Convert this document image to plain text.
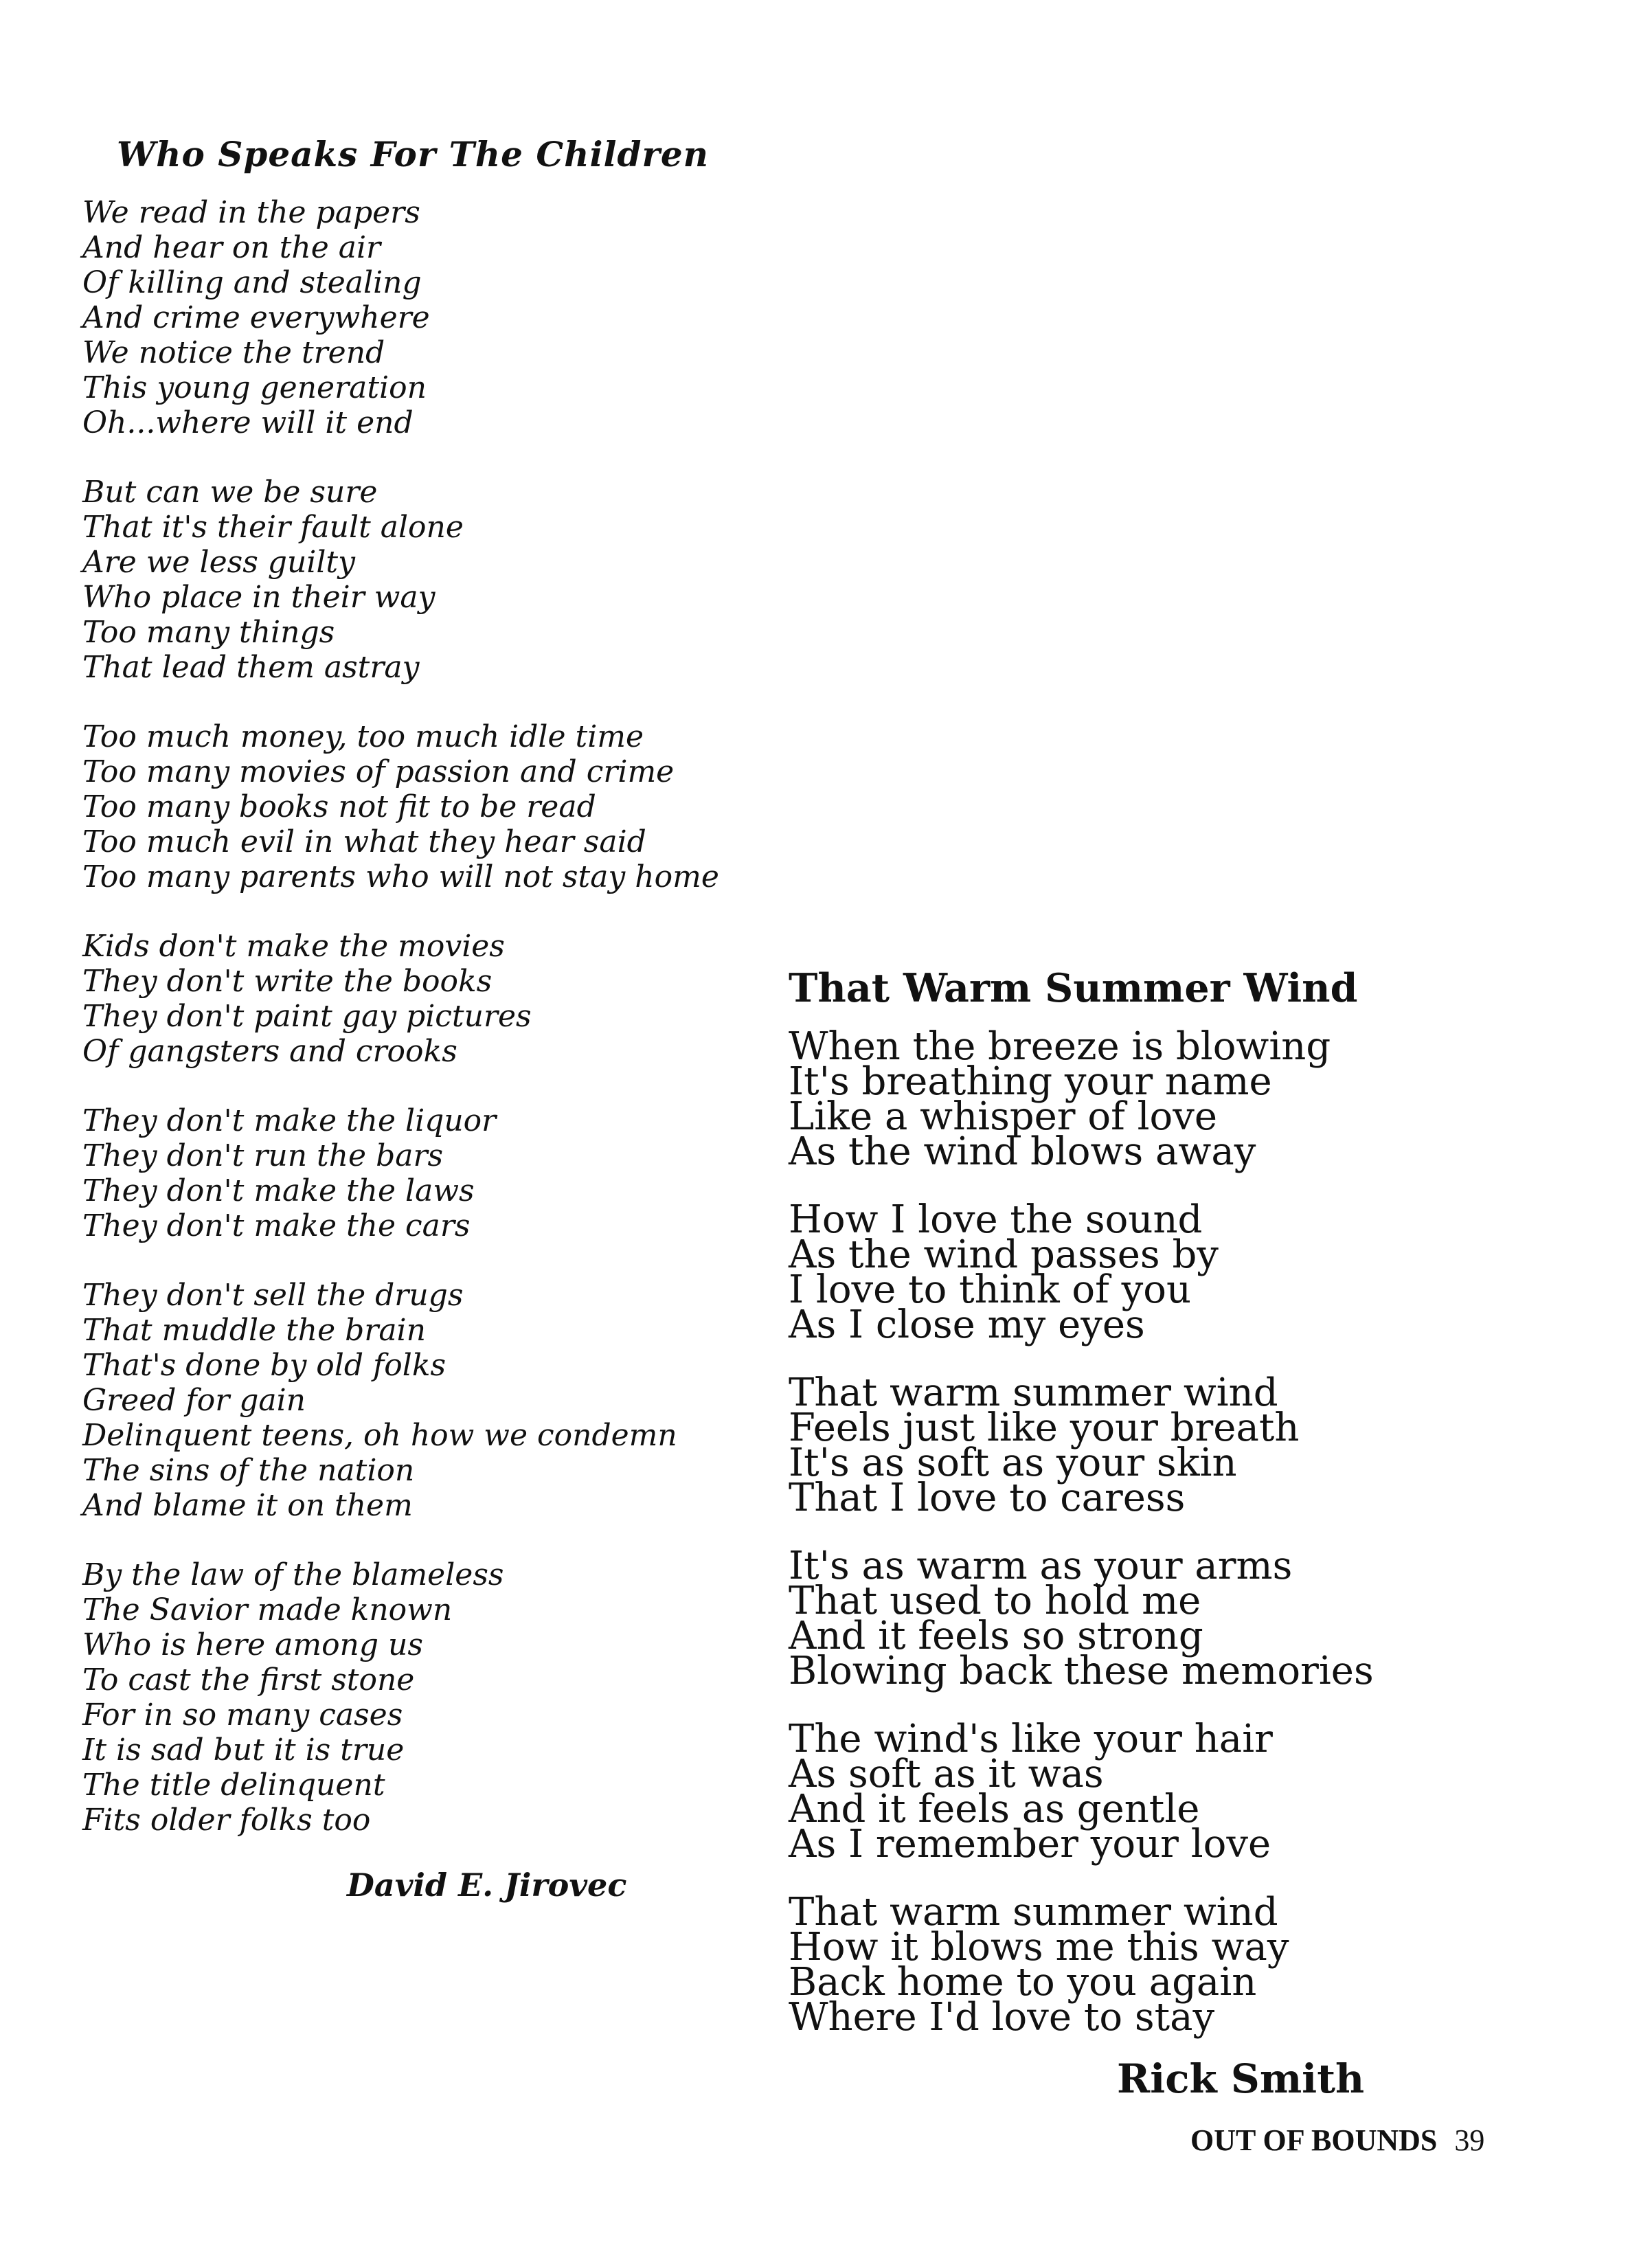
Who Speaks For The Children
We read in the papers
And hear on the air
Of killing and stealing
And crime everywhere
We notice the trend
This young generation
Oh...where will it end
But can we be sure
That it's their fault alone
Are we less guilty
Who place in their way
Too many things
That lead them astray
Too much money, too much idle time
Too many movies of passion and crime
Too many books not fit to be read
Too much evil in what they hear said
Too many parents who will not stay home
Kids don't make the movies
They don't write the books
They don't paint gay pictures
Of gangsters and crooks
They don't make the liquor
They don't run the bars
They don't make the laws
They don't make the cars
They don't sell the drugs
That muddle the brain
That's done by old folks
Greed for gain
Delinquent teens, oh how we condemn
The sins of the nation
And blame it on them
By the law of the blameless
The Savior made known
Who is here among us
To cast the first stone
For in so many cases
It is sad but it is true
The title delinquent
Fits older folks too
David E. Jirovec
That Warm Summer Wind
When the breeze is blowing
It's breathing your name
Like a whisper of love
As the wind blows away
How I love the sound
As the wind passes by
I love to think of you
As I close my eyes
That warm summer wind
Feels just like your breath
It's as soft as your skin
That I love to caress
It's as warm as your arms
That used to hold me
And it feels so strong
Blowing back these memories
The wind's like your hair
As soft as it was
And it feels as gentle
As I remember your love
That warm summer wind
How it blows me this way
Back home to you again
Where I'd love to stay
Rick Smith
OUT OF BOUNDS 39
